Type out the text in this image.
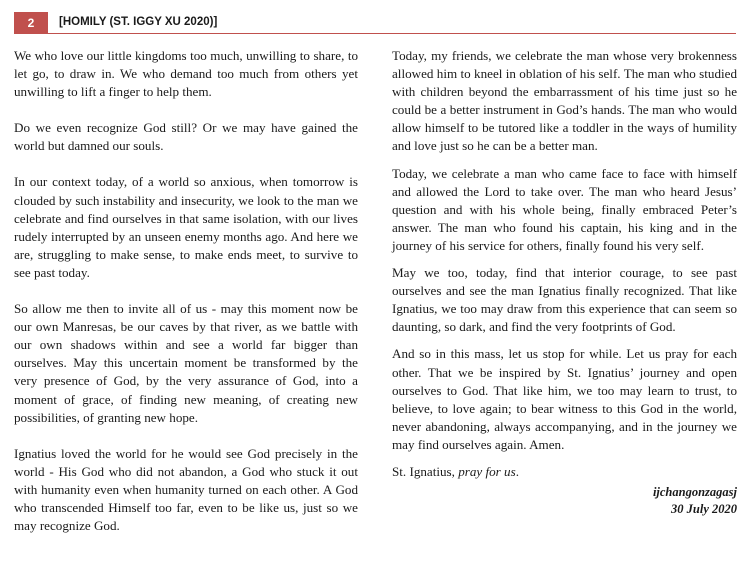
2	[HOMILY (ST. IGGY XU 2020)]

We who love our little kingdoms too much, unwilling to share, to let go, to draw in. We who demand too much from others yet unwilling to lift a finger to help them.

Do we even recognize God still? Or we may have gained the world but damned our souls.

In our context today, of a world so anxious, when tomorrow is clouded by such instability and insecurity, we look to the man we celebrate and find ourselves in that same isolation, with our lives rudely interrupted by an unseen enemy months ago. And here we are, struggling to make sense, to make ends meet, to survive to see past today.

So allow me then to invite all of us - may this moment now be our own Manresas, be our caves by that river, as we battle with our own shadows within and see a world far bigger than ourselves. May this uncertain moment be transformed by the very presence of God, by the very assurance of God, into a moment of grace, of finding new meaning, of creating new possibilities, of granting new hope.

Ignatius loved the world for he would see God precisely in the world - His God who did not abandon, a God who stuck it out with humanity even when humanity turned on each other. A God who transcended Himself too far, even to be like us, just so we may recognize God.

Today, my friends, we celebrate the man whose very brokenness allowed him to kneel in oblation of his self. The man who studied with children beyond the embarrassment of his time just so he could be a better instrument in God’s hands. The man who would allow himself to be tutored like a toddler in the ways of humility and love just so he can be a better man.

Today, we celebrate a man who came face to face with himself and allowed the Lord to take over. The man who heard Jesus’ question and with his whole being, finally embraced Peter’s answer. The man who found his captain, his king and in the journey of his service for others, finally found his very self.

May we too, today, find that interior courage, to see past ourselves and see the man Ignatius finally recognized. That like Ignatius, we too may draw from this experience that can seem so daunting, so dark, and find the very footprints of God.

And so in this mass, let us stop for while. Let us pray for each other. That we be inspired by St. Ignatius’ journey and open ourselves to God. That like him, we too may learn to trust, to believe, to love again; to bear witness to this God in the world, never abandoning, always accompanying, and in the journey we may find ourselves again. Amen.

St. Ignatius, pray for us.

ijchangonzagasj
30 July 2020
